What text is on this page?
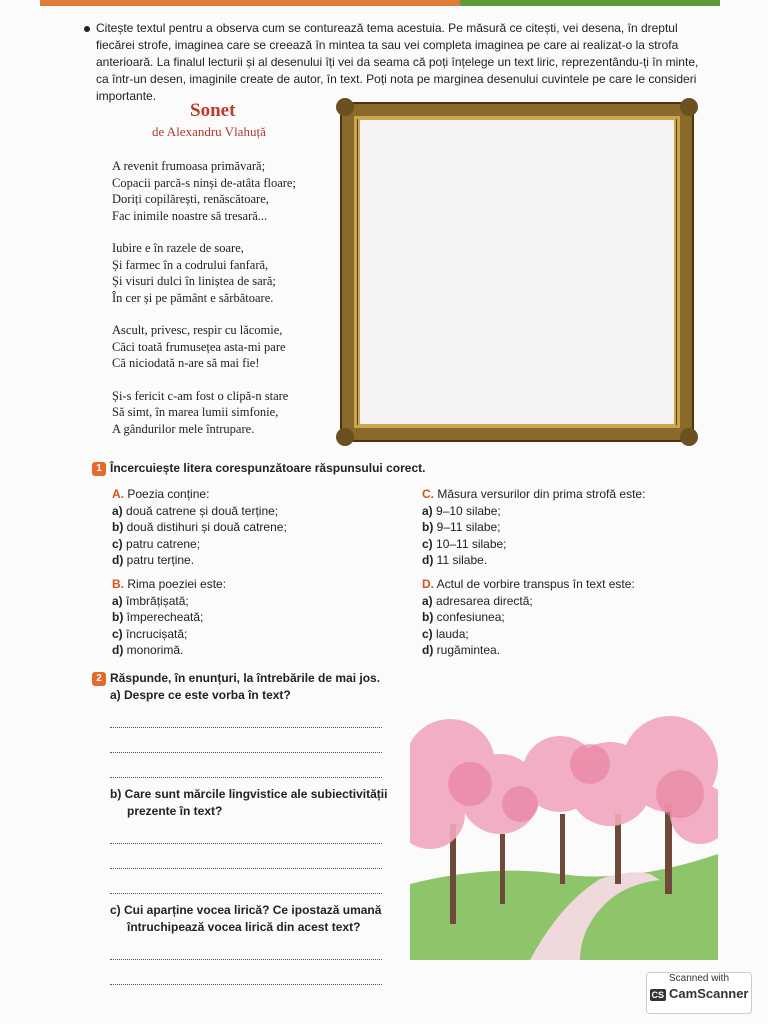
Citește textul pentru a observa cum se conturează tema acestuia. Pe măsură ce citești, vei desena, în dreptul fiecărei strofe, imaginea care se creează în mintea ta sau vei completa imaginea pe care ai realizat-o la strofa anterioară. La finalul lecturii și al desenului îți vei da seama că poți înțelege un text liric, reprezentându-ți în minte, ca într-un desen, imaginile create de autor, în text. Poți nota pe marginea desenului cuvintele pe care le consideri importante.
Sonet
de Alexandru Vlahuță
A revenit frumoasa primăvară;
Copacii parcă-s ninși de-atâta floare;
Doriți copilărești, renăscătoare,
Fac inimile noastre să tresară...
Iubire e în razele de soare,
Și farmec în a codrului fanfară,
Și visuri dulci în liniștea de sară;
În cer și pe pământ e sărbătoare.
Ascult, privesc, respir cu lăcomie,
Căci toată frumusețea asta-mi pare
Că niciodată n-are să mai fie!
Și-s fericit c-am fost o clipă-n stare
Să simt, în marea lumii simfonie,
A gândurilor mele întrupare.
1 Încercuiește litera corespunzătoare răspunsului corect.
A. Poezia conține:
a) două catrene și două terține;
b) două distihuri și două catrene;
c) patru catrene;
d) patru terține.
C. Măsura versurilor din prima strofă este:
a) 9–10 silabe;
b) 9–11 silabe;
c) 10–11 silabe;
d) 11 silabe.
B. Rima poeziei este:
a) îmbrățișată;
b) împerecheată;
c) încrucișată;
d) monorimă.
D. Actul de vorbire transpus în text este:
a) adresarea directă;
b) confesiunea;
c) lauda;
d) rugămintea.
2 Răspunde, în enunțuri, la întrebările de mai jos.
a) Despre ce este vorba în text?
b) Care sunt mărcile lingvistice ale subiectivității
prezente în text?
c) Cui aparține vocea lirică? Ce ipostază umană
întruchipează vocea lirică din acest text?
Scanned with
CS CamScanner
